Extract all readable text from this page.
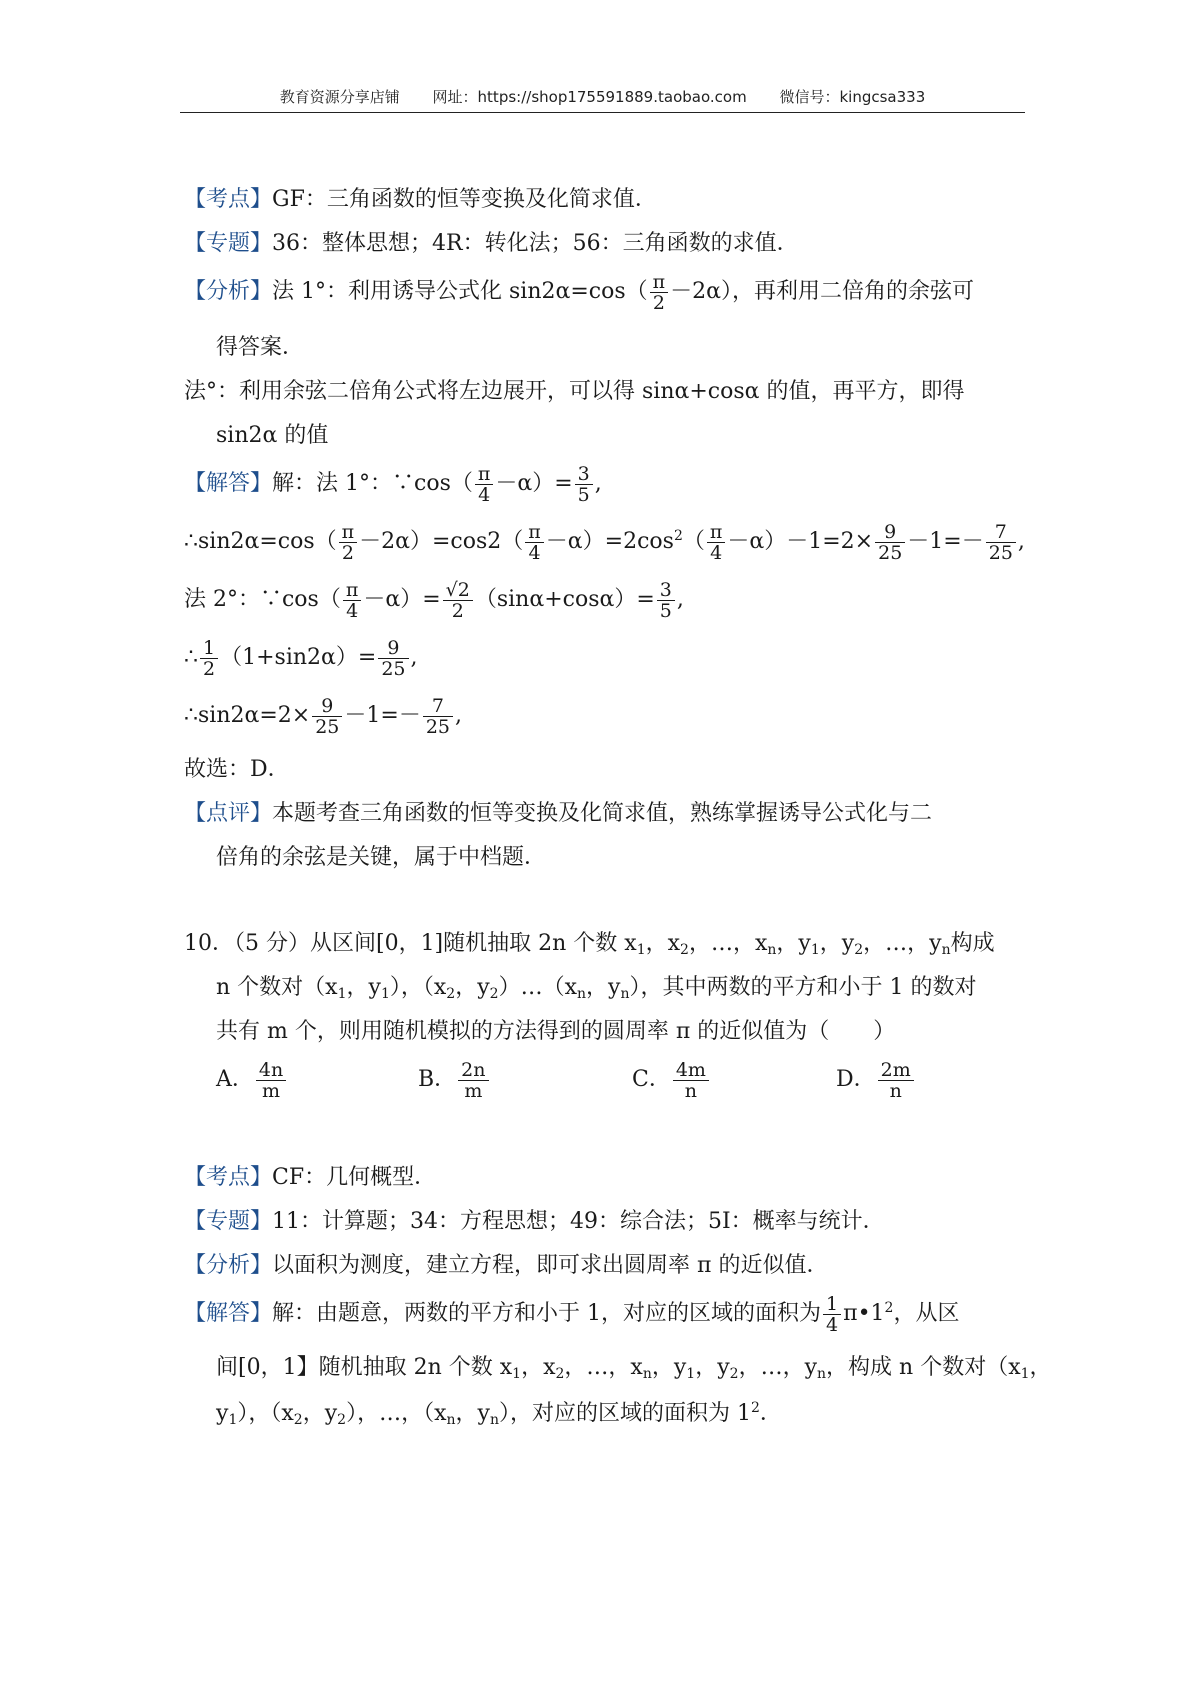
教育资源分享店铺 网址：https://shop175591889.taobao.com 微信号：kingcsa333
【考点】GF：三角函数的恒等变换及化简求值．
【专题】36：整体思想；4R：转化法；56：三角函数的求值．
【分析】法 1°：利用诱导公式化 $\sin 2\alpha=\cos( \frac{\pi}{2} -2\alpha)$，再利用二倍角的余弦可
得答案．
法°：利用余弦二倍角公式将左边展开，可以得 sinα+cosα 的值，再平方，即得
sin2α 的值
【解答】解：法 1°：∵cos（ $\frac{\pi}{4} -\alpha)= \frac{3}{5}$ ,
∴sin2α=cos（ $\frac{\pi}{2} -2\alpha)=\cos 2( \frac{\pi}{4} -\alpha)=2\cos^2( \frac{\pi}{4} -\alpha)-1=2\times \frac{9}{25} -1=- \frac{7}{25}$ ,
法 2°：∵cos（ $\frac{\pi}{4} -\alpha)= \frac{√2}{2} (\sin\alpha+\cos\alpha)= \frac{3}{5}$ ,
∴ $\frac{1}{2} (1+\sin 2\alpha)= \frac{9}{25}$ ,
∴sin2α=2× $\frac{9}{25} -1=- \frac{7}{25}$ ,
故选：D．
【点评】本题考查三角函数的恒等变换及化简求值，熟练掌握诱导公式化与二
倍角的余弦是关键，属于中档题．
10．（5 分）从区间[0，1]随机抽取 2n 个数 $x_1$，$x_2$，…，$x_n$，$y_1$，$y_2$，…，$y_n$构成
n 个数对（$x_1$，$y_1$），（$x_2$，$y_2)\dots(x_n$，$y_n$），其中两数的平方和小于 1 的数对
共有 m 个，则用随机模拟的方法得到的圆周率 π 的近似值为（　　）
A． $\frac{4n}{m}$	B． $\frac{2n}{m}$	C． $\frac{4m}{n}$	D． $\frac{2m}{n}$
【考点】CF：几何概型．
【专题】11：计算题；34：方程思想；49：综合法；5I：概率与统计．
【分析】以面积为测度，建立方程，即可求出圆周率 π 的近似值．
【解答】解：由题意，两数的平方和小于 1，对应的区域的面积为 $\frac{1}{4}$ $\pi•1^2$，从区
间[0，1】随机抽取 2n 个数 $x_1$，$x_2$，…，$x_n$，$y_1$，$y_2$，…，$y_n$，构成 n 个数对（$x_1$，
$y_1$），（$x_2$，$y_2$），…，（$x_n$，$y_n$），对应的区域的面积为 $1^2$．
